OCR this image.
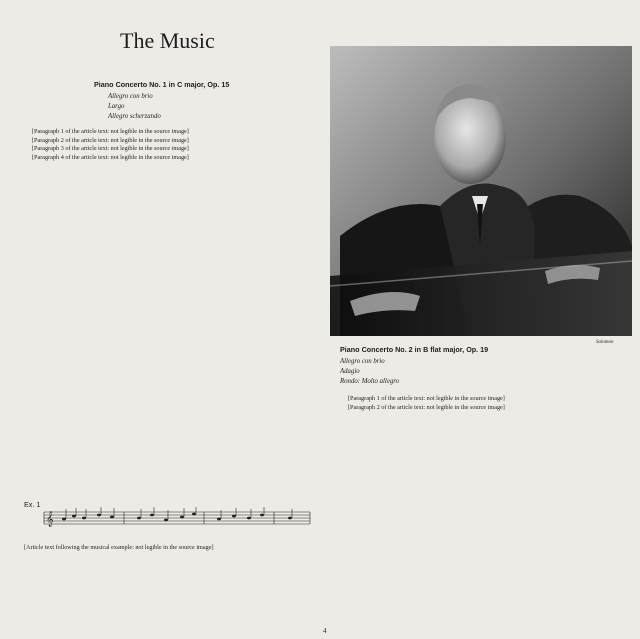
The Music
Piano Concerto No. 1 in C major, Op. 15
Allegro con brio
Largo
Allegro scherzando

[Paragraph 1 of the article text: not legible in the source image]

[Paragraph 2 of the article text: not legible in the source image]

[Paragraph 3 of the article text: not legible in the source image]

[Paragraph 4 of the article text: not legible in the source image]

Ex. 1
𝄞

[Article text following the musical example: not legible in the source image]

Solomon
Piano Concerto No. 2 in B flat major, Op. 19
Allegro con brio
Adagio
Rondo: Molto allegro

[Paragraph 1 of the article text: not legible in the source image]

[Paragraph 2 of the article text: not legible in the source image]

4
